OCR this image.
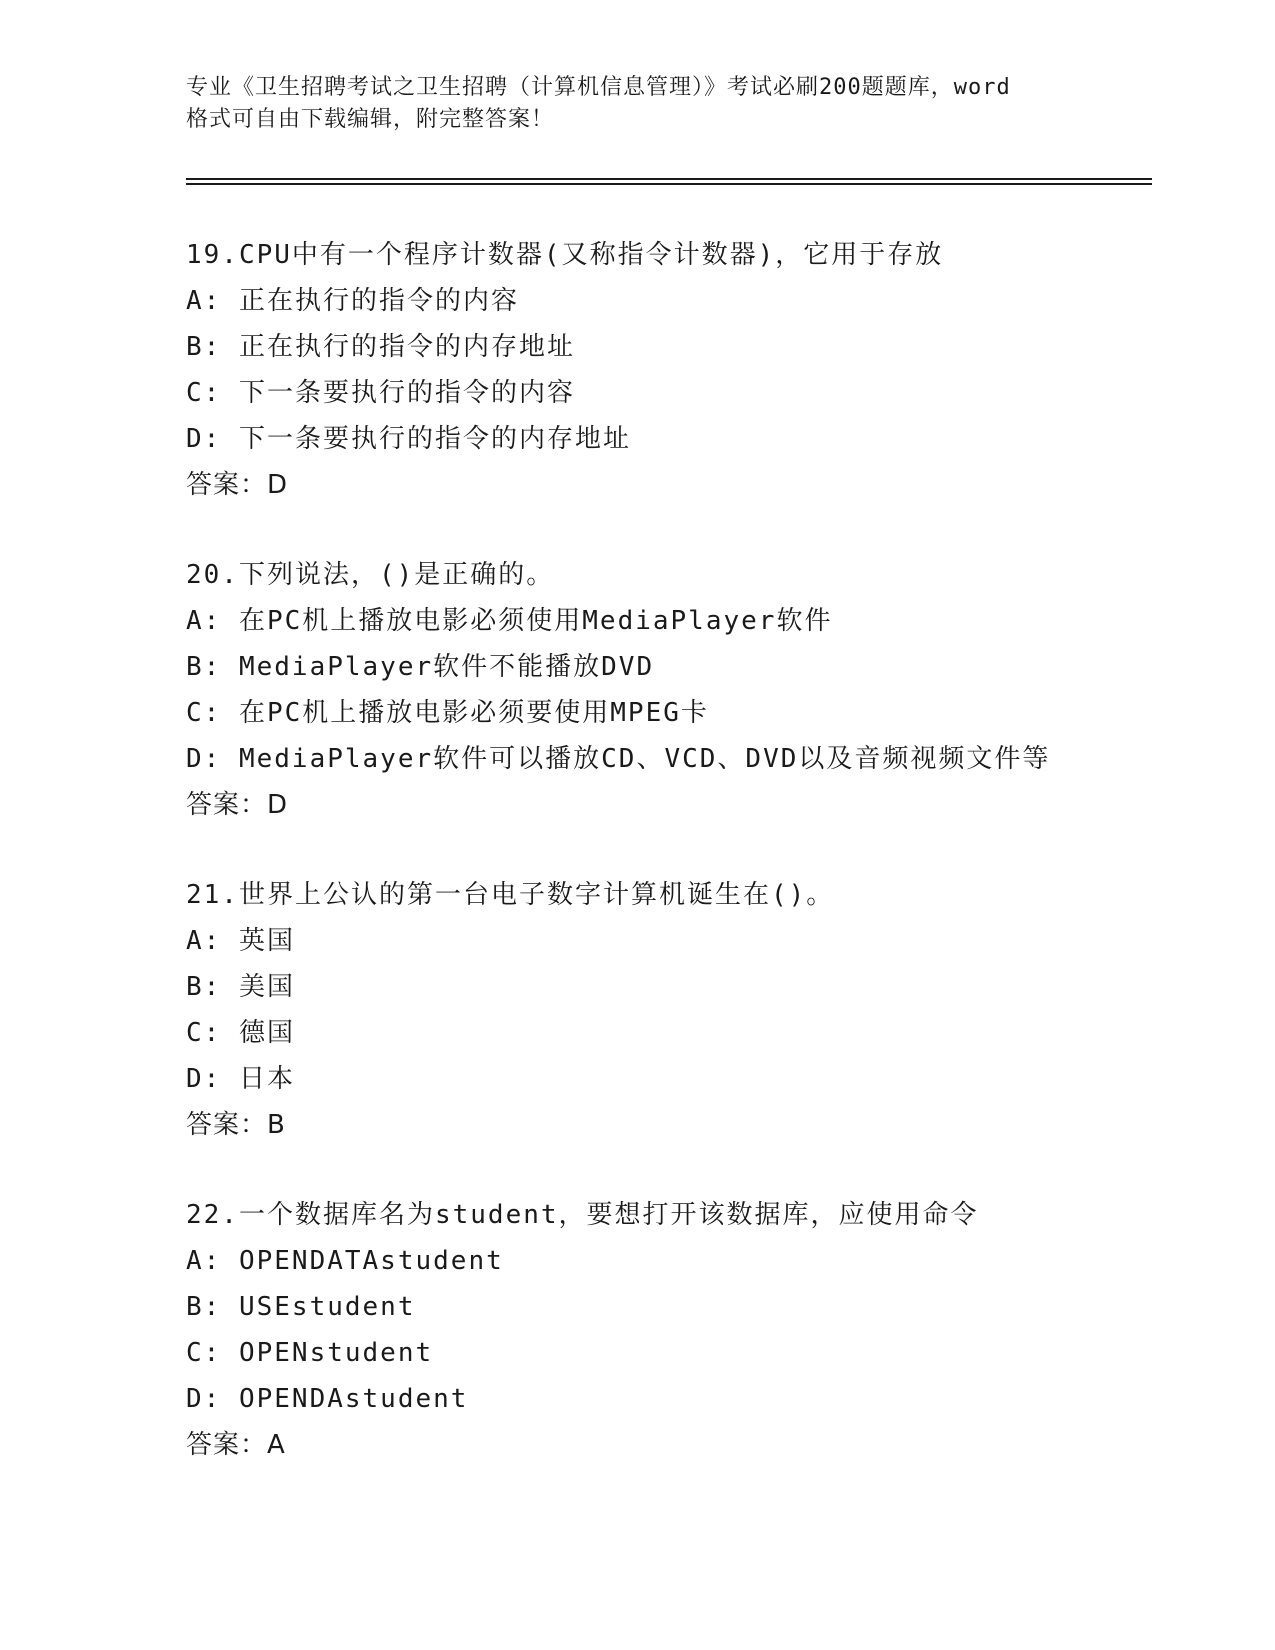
专业《卫生招聘考试之卫生招聘（计算机信息管理）》考试必刷200题题库，word
格式可自由下载编辑，附完整答案！
19.CPU中有一个程序计数器(又称指令计数器)，它用于存放
A: 正在执行的指令的内容
B: 正在执行的指令的内存地址
C: 下一条要执行的指令的内容
D: 下一条要执行的指令的内存地址
答案：D
20.下列说法，()是正确的。
A: 在PC机上播放电影必须使用MediaPlayer软件
B: MediaPlayer软件不能播放DVD
C: 在PC机上播放电影必须要使用MPEG卡
D: MediaPlayer软件可以播放CD、VCD、DVD以及音频视频文件等
答案：D
21.世界上公认的第一台电子数字计算机诞生在()。
A: 英国
B: 美国
C: 德国
D: 日本
答案：B
22.一个数据库名为student，要想打开该数据库，应使用命令
A: OPENDATAstudent
B: USEstudent
C: OPENstudent
D: OPENDAstudent
答案：A
